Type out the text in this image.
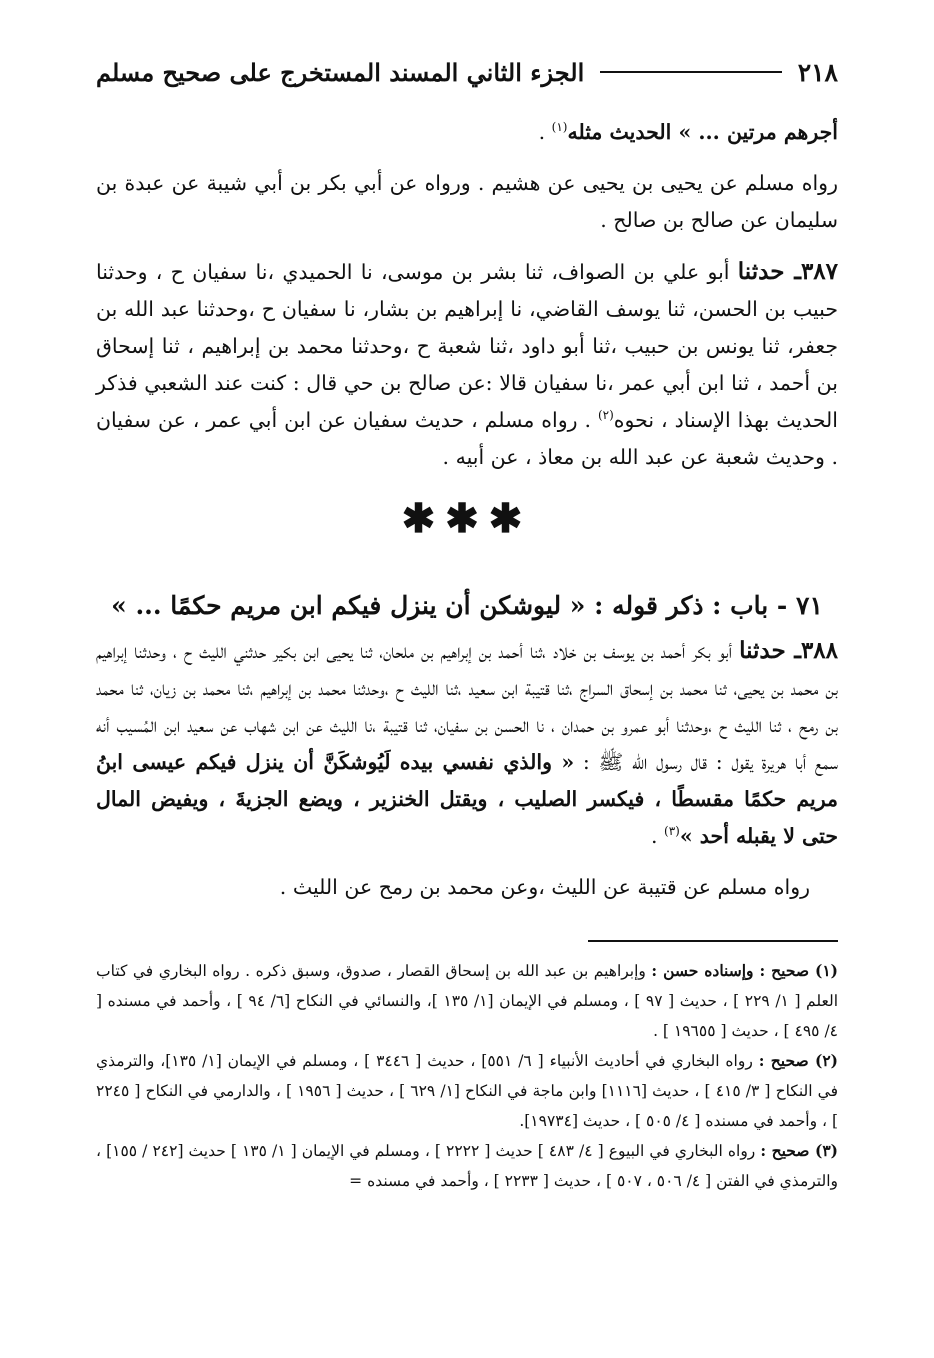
٢١٨
الجزء الثاني المسند المستخرج على صحيح مسلم

أجرهم مرتين ... » الحديث مثله$^{(١)}$ .

رواه مسلم عن يحيى بن يحيى عن هشيم . ورواه عن أبي بكر بن أبي شيبة عن عبدة بن سليمان عن صالح بن صالح .

٣٨٧ـ حدثنا أبو علي بن الصواف، ثنا بشر بن موسى، نا الحميدي ،نا سفيان ح ، وحدثنا حبيب بن الحسن، ثنا يوسف القاضي، نا إبراهيم بن بشار، نا سفيان ح ،وحدثنا عبد الله بن جعفر، ثنا يونس بن حبيب ،ثنا أبو داود ،ثنا شعبة ح ،وحدثنا محمد بن إبراهيم ، ثنا إسحاق بن أحمد ، ثنا ابن أبي عمر ،نا سفيان قالا :عن صالح بن حي قال : كنت عند الشعبي فذكر الحديث بهذا الإسناد ، نحوه$^{(٢)}$ . رواه مسلم ، حديث سفيان عن ابن أبي عمر ، عن سفيان . وحديث شعبة عن عبد الله بن معاذ ، عن أبيه .

✱✱✱
٧١ - باب : ذكر قوله : « ليوشكن أن ينزل فيكم ابن مريم حكمًا ... »

٣٨٨ـ حدثنا أبو بكر أحمد بن يوسف بن خلاد ،ثنا أحمد بن إبراهيم بن ملحان، ثنا يحيى ابن بكير حدثني الليث ح ، وحدثنا إبراهيم بن محمد بن يحيى، ثنا محمد بن إسحاق السراج ،ثنا قتيبة ابن سعيد ،ثنا الليث ح ،وحدثنا محمد بن إبراهيم ،ثنا محمد بن زيان، ثنا محمد بن رمح ، ثنا الليث ح ،وحدثنا أبو عمرو بن حمدان ، نا الحسن بن سفيان، ثنا قتيبة ،نا الليث عن ابن شهاب عن سعيد ابن المُسيب أنه سمع أبا هريرة يقول : قال رسول الله ﷺ : « والذي نفسي بيده لَيُوشكَنَّ أن ينزل فيكم عيسى ابنُ مريم حكمًا مقسطًا ، فيكسر الصليب ، ويقتل الخنزير ، ويضع الجزيةَ ، ويفيض المال حتى لا يقبله أحد »$^{(٣)}$ .

رواه مسلم عن قتيبة عن الليث ،وعن محمد بن رمح عن الليث .

(١) صحيح : وإسناده حسن : وإبراهيم بن عبد الله بن إسحاق القصار ، صدوق، وسبق ذكره . رواه البخاري في كتاب العلم [ ١/ ٢٢٩ ] ، حديث [ ٩٧ ] ، ومسلم في الإيمان [١/ ١٣٥ ]، والنسائي في النكاح [٦/ ٩٤ ] ، وأحمد في مسنده [ ٤/ ٤٩٥ ] ، حديث [ ١٩٦٥٥ ] .

(٢) صحيح : رواه البخاري في أحاديث الأنبياء [ ٦/ ٥٥١] ، حديث [ ٣٤٤٦ ] ، ومسلم في الإيمان [١/ ١٣٥]، والترمذي في النكاح [ ٣/ ٤١٥ ] ، حديث [١١١٦] وابن ماجة في النكاح [١/ ٦٢٩ ] ، حديث [ ١٩٥٦ ] ، والدارمي في النكاح [ ٢٢٤٥ ] ، وأحمد في مسنده [ ٤/ ٥٠٥ ] ، حديث [١٩٧٣٤].

(٣) صحيح : رواه البخاري في البيوع [ ٤/ ٤٨٣ ] حديث [ ٢٢٢٢ ] ، ومسلم في الإيمان [ ١/ ١٣٥ ] حديث [٢٤٢ / ١٥٥] ، والترمذي في الفتن [ ٤/ ٥٠٦ ، ٥٠٧ ] ، حديث [ ٢٢٣٣ ] ، وأحمد في مسنده =
